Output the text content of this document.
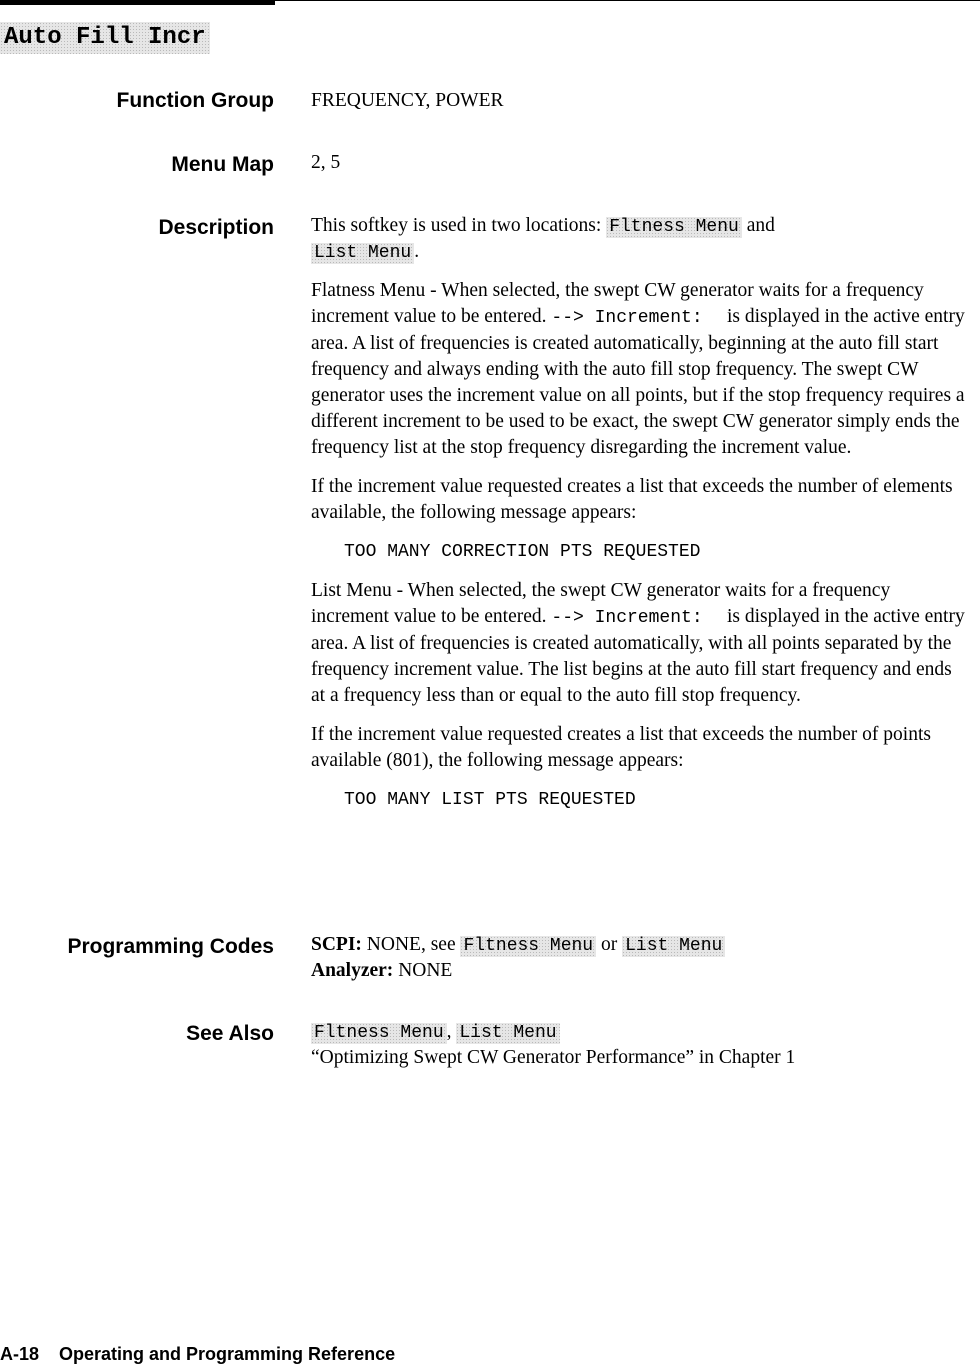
Auto Fill Incr
Function Group FREQUENCY, POWER
Menu Map 2, 5
Description This softkey is used in two locations: Fltness Menu and
List Menu .

Flatness Menu - When selected, the swept CW generator waits for a frequency increment value to be entered. --> Increment: is displayed in the active entry area. A list of frequencies is created automatically, beginning at the auto fill start frequency and always ending with the auto fill stop frequency. The swept CW generator uses the increment value on all points, but if the stop frequency requires a different increment to be used to be exact, the swept CW generator simply ends the frequency list at the stop frequency disregarding the increment value.

If the increment value requested creates a list that exceeds the number of elements available, the following message appears:

TOO MANY CORRECTION PTS REQUESTED

List Menu - When selected, the swept CW generator waits for a frequency increment value to be entered. --> Increment: is displayed in the active entry area. A list of frequencies is created automatically, with all points separated by the frequency increment value. The list begins at the auto fill start frequency and ends at a frequency less than or equal to the auto fill stop frequency.

If the increment value requested creates a list that exceeds the number of points available (801), the following message appears:

TOO MANY LIST PTS REQUESTED
Programming Codes SCPI: NONE, see Fltness Menu or List Menu
Analyzer: NONE
See Also Fltness Menu , List Menu
“Optimizing Swept CW Generator Performance” in Chapter 1
A-18 Operating and Programming Reference
